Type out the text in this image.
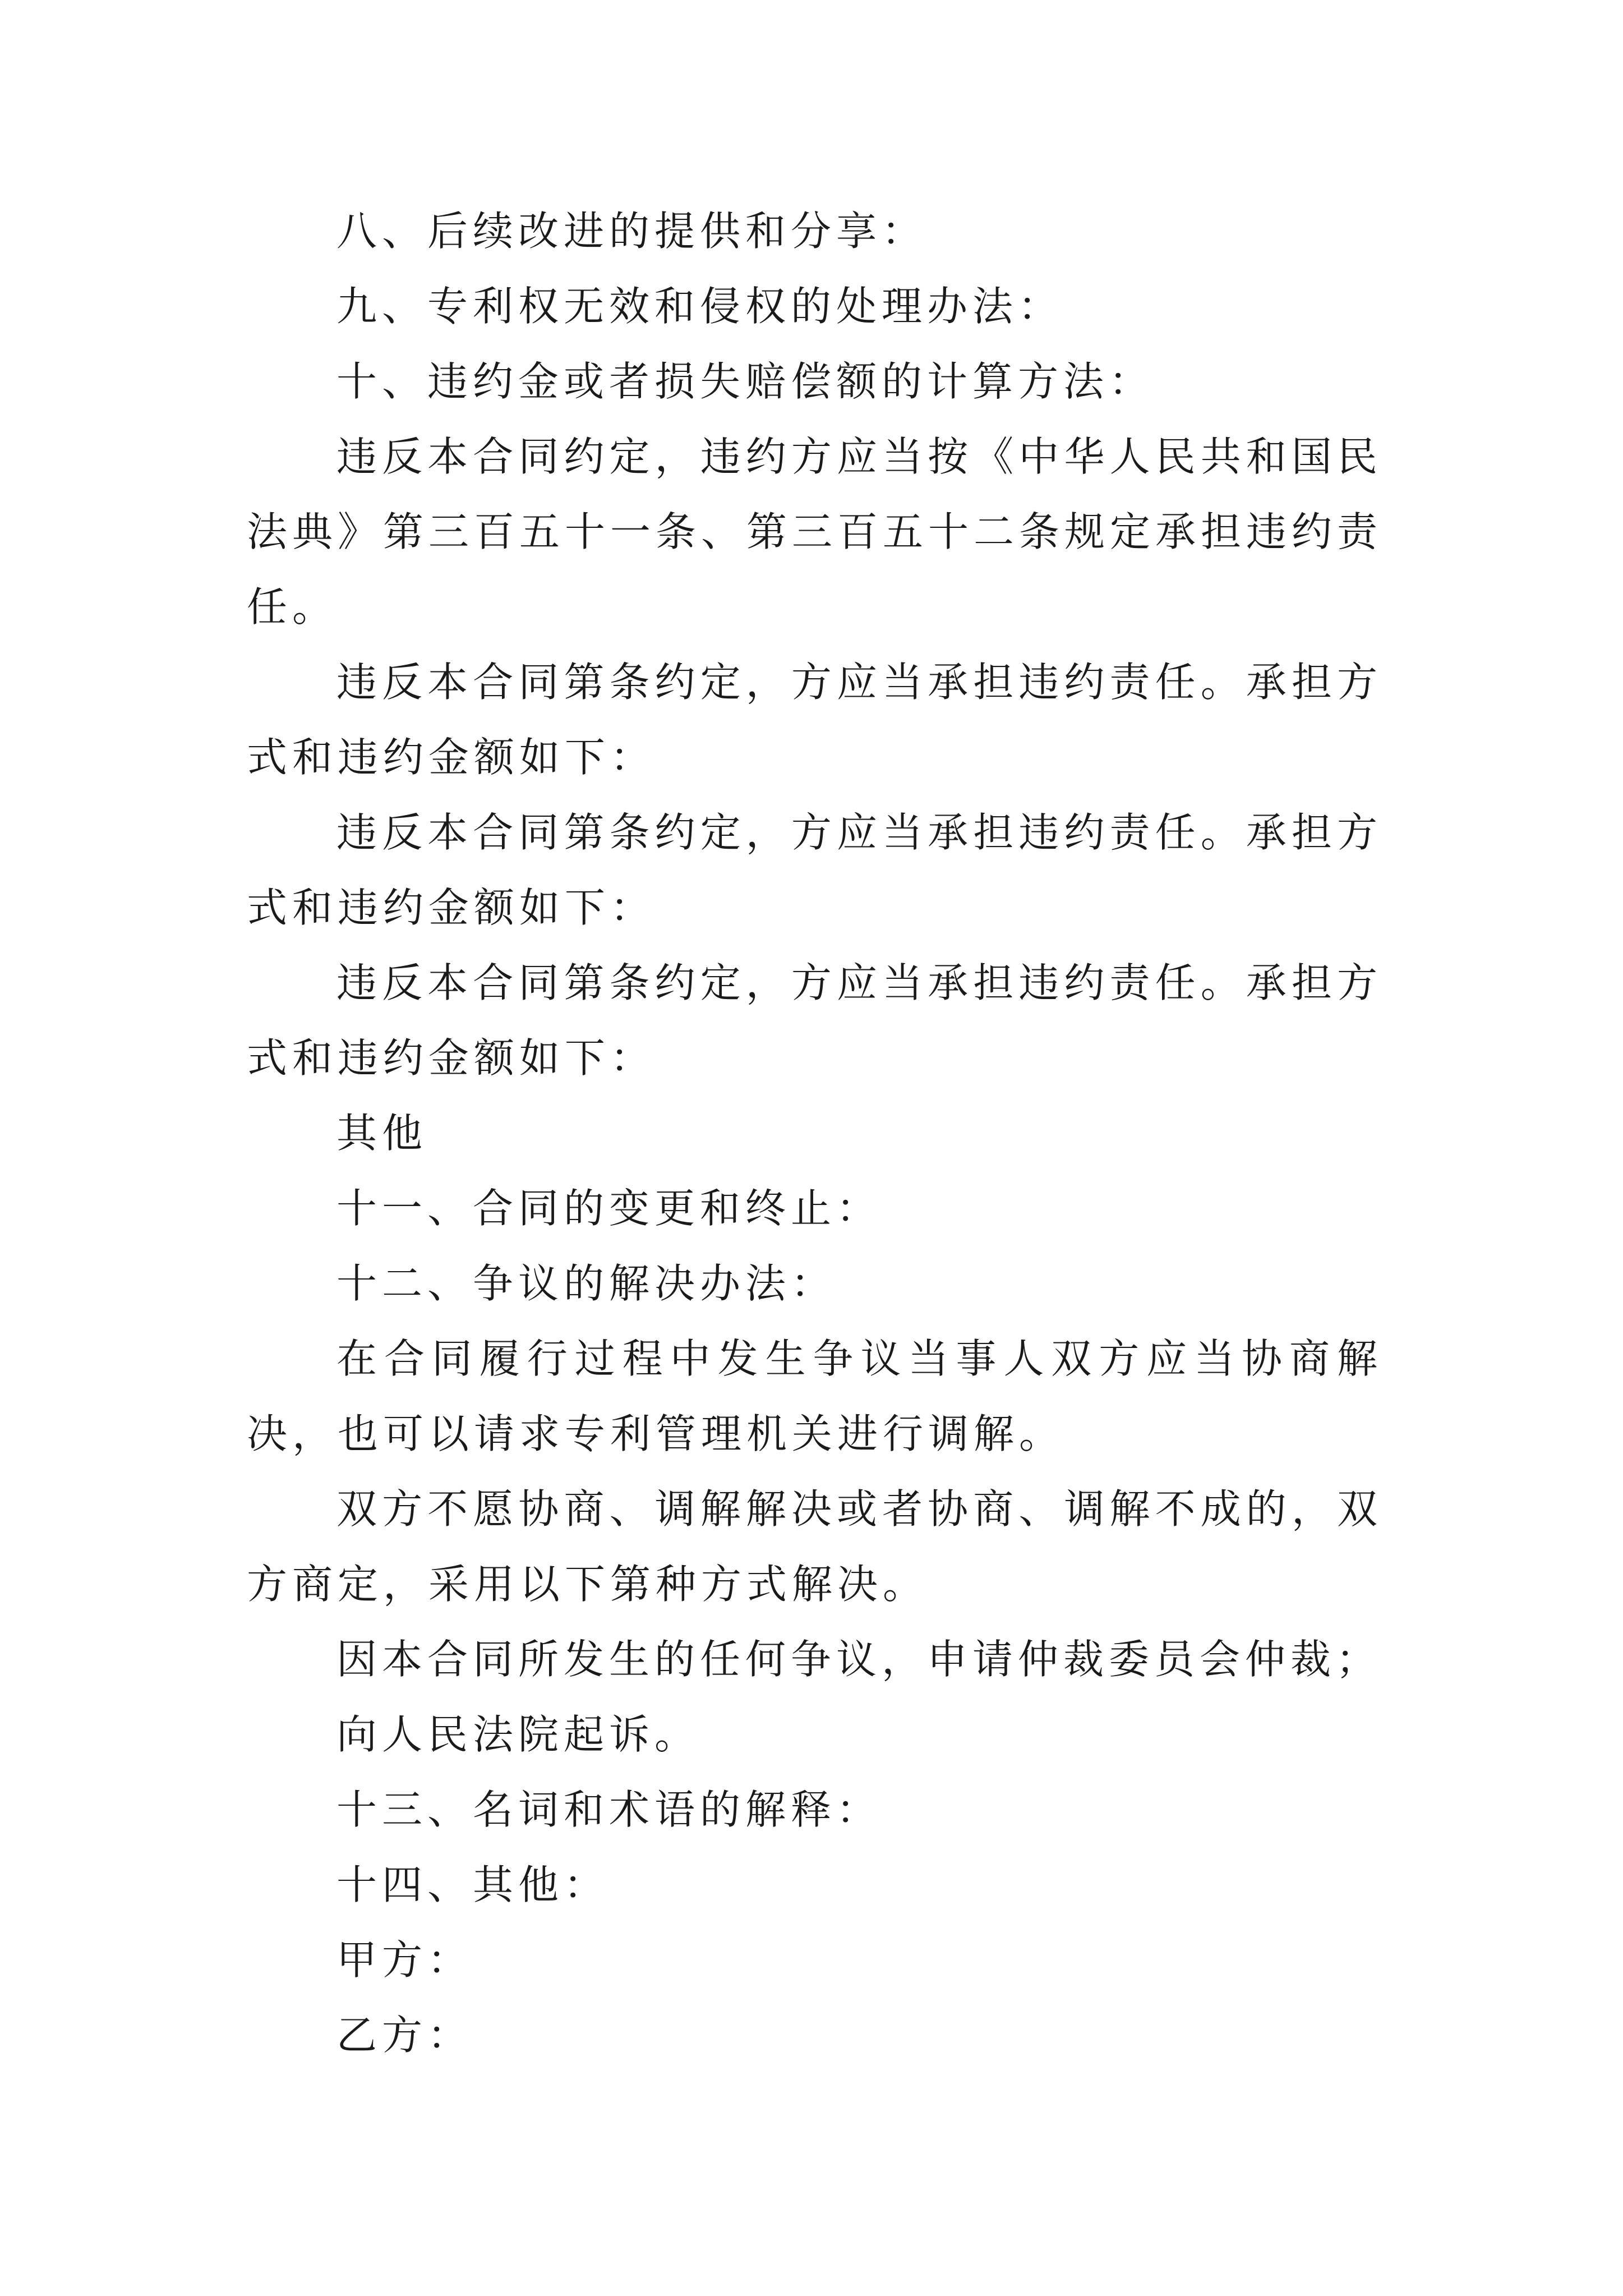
八、后续改进的提供和分享：

九、专利权无效和侵权的处理办法：

十、违约金或者损失赔偿额的计算方法：

违反本合同约定，违约方应当按《中华人民共和国民法典》第三百五十一条、第三百五十二条规定承担违约责任。

违反本合同第条约定，方应当承担违约责任。承担方式和违约金额如下：

违反本合同第条约定，方应当承担违约责任。承担方式和违约金额如下：

违反本合同第条约定，方应当承担违约责任。承担方式和违约金额如下：

其他

十一、合同的变更和终止：

十二、争议的解决办法：

在合同履行过程中发生争议当事人双方应当协商解决，也可以请求专利管理机关进行调解。

双方不愿协商、调解解决或者协商、调解不成的，双方商定，采用以下第种方式解决。

因本合同所发生的任何争议，申请仲裁委员会仲裁；

向人民法院起诉。

十三、名词和术语的解释：

十四、其他：

甲方：

乙方：
